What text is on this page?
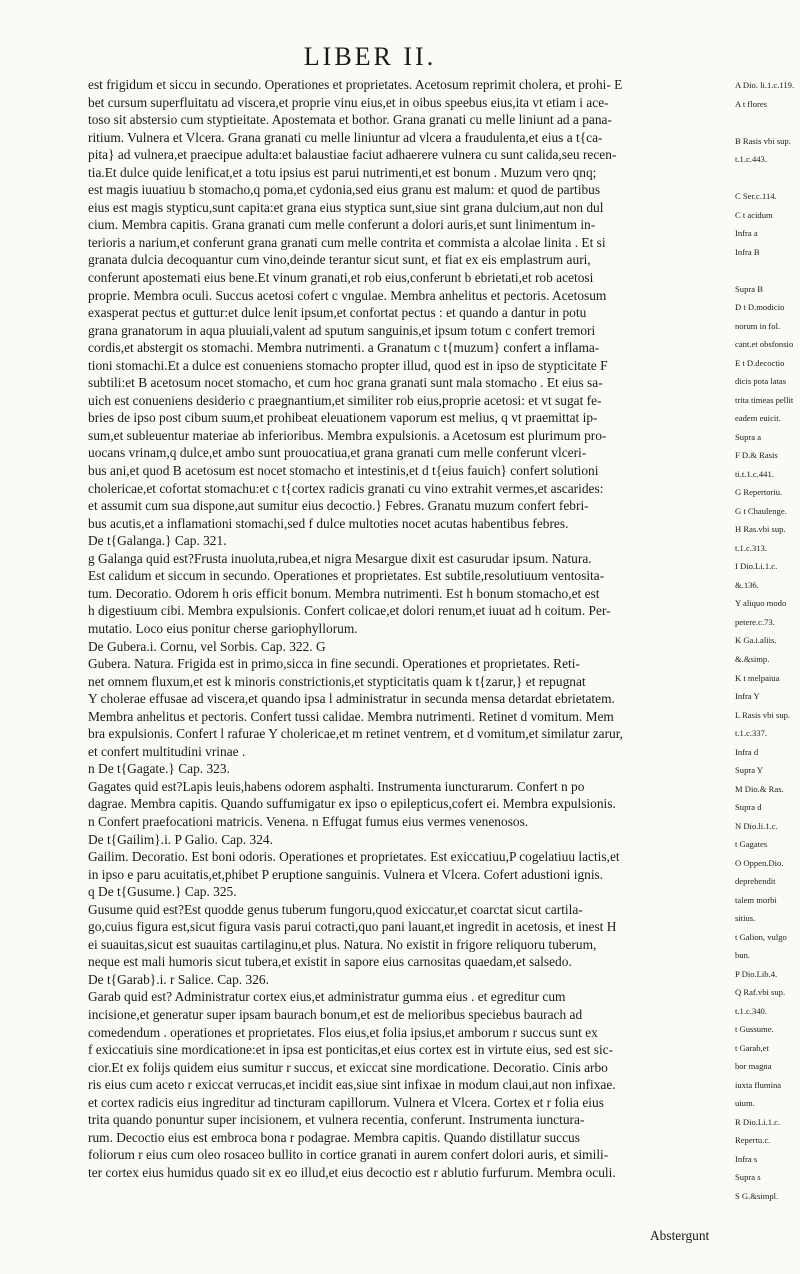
LIBER II.
est frigidum et siccu in secundo. Operationes et proprietates. Acetosum reprimit cholera, et prohi- E
bet cursum superfluitatu ad viscera,et proprie vinu eius,et in oibus speebus eius,ita vt etiam i ace-
toso sit abstersio cum styptieitate. Apostemata et bothor. Grana granati cu melle liniunt ad a pana-
ritium. Vulnera et Vlcera. Grana granati cu melle liniuntur ad vlcera a fraudulenta,et eius a t{ca-
pita} ad vulnera,et praecipue adulta:et balaustiae faciut adhaerere vulnera cu sunt calida,seu recen-
tia.Et dulce quide lenificat,et a totu ipsius est parui nutrimenti,et est bonum . Muzum vero qnq;
est magis iuuatiuu b stomacho,q poma,et cydonia,sed eius granu est malum: et quod de partibus
eius est magis stypticu,sunt capita:et grana eius styptica sunt,siue sint grana dulcium,aut non dul
cium. Membra capitis. Grana granati cum melle conferunt a dolori auris,et sunt linimentum in-
terioris a narium,et conferunt grana granati cum melle contrita et commista a alcolae linita . Et si
granata dulcia decoquantur cum vino,deinde terantur sicut sunt, et fiat ex eis emplastrum auri,
conferunt apostemati eius bene.Et vinum granati,et rob eius,conferunt b ebrietati,et rob acetosi
proprie. Membra oculi. Succus acetosi cofert c vngulae. Membra anhelitus et pectoris. Acetosum
exasperat pectus et guttur:et dulce lenit ipsum,et confortat pectus : et quando a dantur in potu
grana granatorum in aqua pluuiali,valent ad sputum sanguinis,et ipsum totum c confert tremori
cordis,et abstergit os stomachi. Membra nutrimenti. a Granatum c t{muzum} confert a inflama-
tioni stomachi.Et a dulce est conueniens stomacho propter illud, quod est in ipso de stypticitate F
subtili:et B acetosum nocet stomacho, et cum hoc grana granati sunt mala stomacho . Et eius sa-
uich est conueniens desiderio c praegnantium,et similiter rob eius,proprie acetosi: et vt sugat fe-
bries de ipso post cibum suum,et prohibeat eleuationem vaporum est melius, q vt praemittat ip-
sum,et subleuentur materiae ab inferioribus. Membra expulsionis. a Acetosum est plurimum pro-
uocans vrinam,q dulce,et ambo sunt prouocatiua,et grana granati cum melle conferunt vlceri-
bus ani,et quod B acetosum est nocet stomacho et intestinis,et d t{eius fauich} confert solutioni
cholericae,et cofortat stomachu:et c t{cortex radicis granati cu vino extrahit vermes,et ascarides:
et assumit cum sua dispone,aut sumitur eius decoctio.} Febres. Granatu muzum confert febri-
bus acutis,et a inflamationi stomachi,sed f dulce multoties nocet acutas habentibus febres.
De t{Galanga.} Cap. 321.
g Galanga quid est?Frusta inuoluta,rubea,et nigra Mesargue dixit est casurudar ipsum. Natura.
Est calidum et siccum in secundo. Operationes et proprietates. Est subtile,resolutiuum ventosita-
tum. Decoratio. Odorem h oris efficit bonum. Membra nutrimenti. Est h bonum stomacho,et est
h digestiuum cibi. Membra expulsionis. Confert colicae,et dolori renum,et iuuat ad h coitum. Per-
mutatio. Loco eius ponitur cherse gariophyllorum.
De Gubera.i. Cornu, vel Sorbis. Cap. 322. G
Gubera. Natura. Frigida est in primo,sicca in fine secundi. Operationes et proprietates. Reti-
net omnem fluxum,et est k minoris constrictionis,et stypticitatis quam k t{zarur,} et repugnat
Y cholerae effusae ad viscera,et quando ipsa l administratur in secunda mensa detardat ebrietatem.
Membra anhelitus et pectoris. Confert tussi calidae. Membra nutrimenti. Retinet d vomitum. Mem
bra expulsionis. Confert l rafurae Y cholericae,et m retinet ventrem, et d vomitum,et similatur zarur,
et confert multitudini vrinae .
n De t{Gagate.} Cap. 323.
Gagates quid est?Lapis leuis,habens odorem asphalti. Instrumenta iuncturarum. Confert n po
dagrae. Membra capitis. Quando suffumigatur ex ipso o epilepticus,cofert ei. Membra expulsionis.
n Confert praefocationi matricis. Venena. n Effugat fumus eius vermes venenosos.
De t{Gailim}.i. P Galio. Cap. 324.
Gailim. Decoratio. Est boni odoris. Operationes et proprietates. Est exiccatiuu,P cogelatiuu lactis,et
in ipso e paru acuitatis,et,phibet P eruptione sanguinis. Vulnera et Vlcera. Cofert adustioni ignis.
q De t{Gusume.} Cap. 325.
Gusume quid est?Est quodde genus tuberum fungoru,quod exiccatur,et coarctat sicut cartila-
go,cuius figura est,sicut figura vasis parui cotracti,quo pani lauant,et ingredit in acetosis, et inest H
ei suauitas,sicut est suauitas cartilaginu,et plus. Natura. No existit in frigore reliquoru tuberum,
neque est mali humoris sicut tubera,et existit in sapore eius carnositas quaedam,et salsedo.
De t{Garab}.i. r Salice. Cap. 326.
Garab quid est? Administratur cortex eius,et administratur gumma eius . et egreditur cum
incisione,et generatur super ipsam baurach bonum,et est de melioribus speciebus baurach ad
comedendum . operationes et proprietates. Flos eius,et folia ipsius,et amborum r succus sunt ex
f exiccatiuis sine mordicatione:et in ipsa est ponticitas,et eius cortex est in virtute eius, sed est sic-
cior.Et ex folijs quidem eius sumitur r succus, et exiccat sine mordicatione. Decoratio. Cinis arbo
ris eius cum aceto r exiccat verrucas,et incidit eas,siue sint infixae in modum claui,aut non infixae.
et cortex radicis eius ingreditur ad tincturam capillorum. Vulnera et Vlcera. Cortex et r folia eius
trita quando ponuntur super incisionem, et vulnera recentia, conferunt. Instrumenta iunctura-
rum. Decoctio eius est embroca bona r podagrae. Membra capitis. Quando distillatur succus
foliorum r eius cum oleo rosaceo bullito in cortice granati in aurem confert dolori auris, et simili-
ter cortex eius humidus quado sit ex eo illud,et eius decoctio est r ablutio furfurum. Membra oculi.
A Dio. li.1.c.119.
A t flores
B Rasis vbi sup.
t.1.c.443.
C Ser.c.114.
C t acidum
Infra a
Infra B
Supra B
D t D.modicio
norum in fol.
cant.et obsfonsio
E t D.decoctio
dicis pota latas
trita timeas pellit
eadem euicit.
Supra a
F D.& Rasis
ti.t.1.c.441.
G Repertoriu.
G t Chaulenge.
H Ras.vbi sup.
t.1.c.313.
I Dio.Li.1.c.
&.136.
Y aliquo modo
petere.c.73.
K Ga.i.aliis.
&.&simp.
K t melpaiua
Infra Y
L Rasis vbi sup.
t.1.c.337.
Infra d
Supra Y
M Dio.& Ras.
Supra d
N Dio.li.1.c.
t Gagates
O Oppen.Dio.
deprehendit
talem morbi
sitius.
t Galion, vulgo
bun.
P Dio.Lib.4.
Q Raf.vbi sup.
t.1.c.340.
t Gussume.
t Garab,et
bor magna
iuxta flumina
uium.
R Dio.Li.1.c.
Repertu.c.
Infra s
Supra s
S G.&simpl.
Abstergunt
